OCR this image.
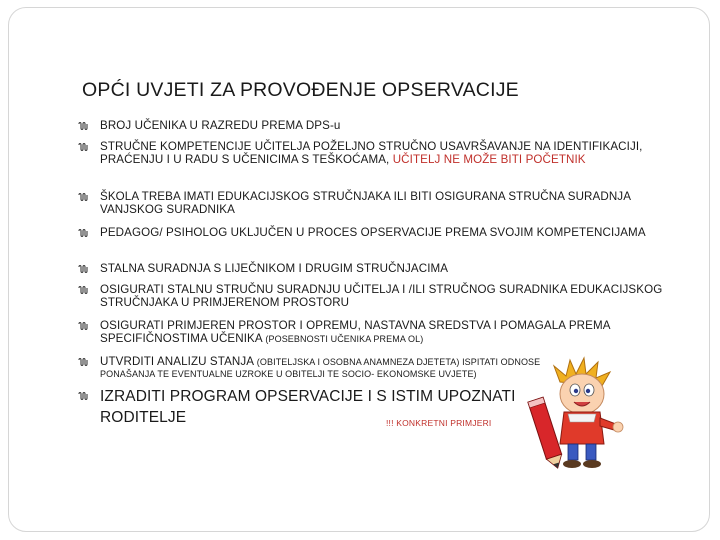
OPĆI UVJETI ZA PROVOĐENJE OPSERVACIJE
BROJ UČENIKA U RAZREDU PREMA DPS-u
STRUČNE KOMPETENCIJE UČITELJA POŽELJNO STRUČNO USAVRŠAVANJE NA IDENTIFIKACIJI, PRAĆENJU I U RADU S UČENICIMA S TEŠKOĆAMA, UČITELJ NE MOŽE BITI POČETNIK
ŠKOLA TREBA IMATI EDUKACIJSKOG STRUČNJAKA ILI BITI OSIGURANA STRUČNA SURADNJA VANJSKOG SURADNIKA
PEDAGOG/ PSIHOLOG UKLJUČEN U PROCES OPSERVACIJE PREMA SVOJIM KOMPETENCIJAMA
STALNA SURADNJA S LIJEČNIKOM I DRUGIM STRUČNJACIMA
OSIGURATI STALNU STRUČNU SURADNJU UČITELJA I /ILI STRUČNOG SURADNIKA EDUKACIJSKOG STRUČNJAKA U PRIMJERENOM PROSTORU
OSIGURATI PRIMJEREN PROSTOR I OPREMU, NASTAVNA SREDSTVA I POMAGALA PREMA SPECIFIČNOSTIMA UČENIKA (POSEBNOSTI UČENIKA PREMA OL)
UTVRDITI ANALIZU STANJA (OBITELJSKA I OSOBNA ANAMNEZA DJETETA) ISPITATI ODNOSE
PONAŠANJA TE EVENTUALNE UZROKE U OBITELJI TE SOCIO- EKONOMSKE UVJETE)
IZRADITI PROGRAM OPSERVACIJE I S ISTIM UPOZNATI
RODITELJE	!!! KONKRETNI PRIMJERI
